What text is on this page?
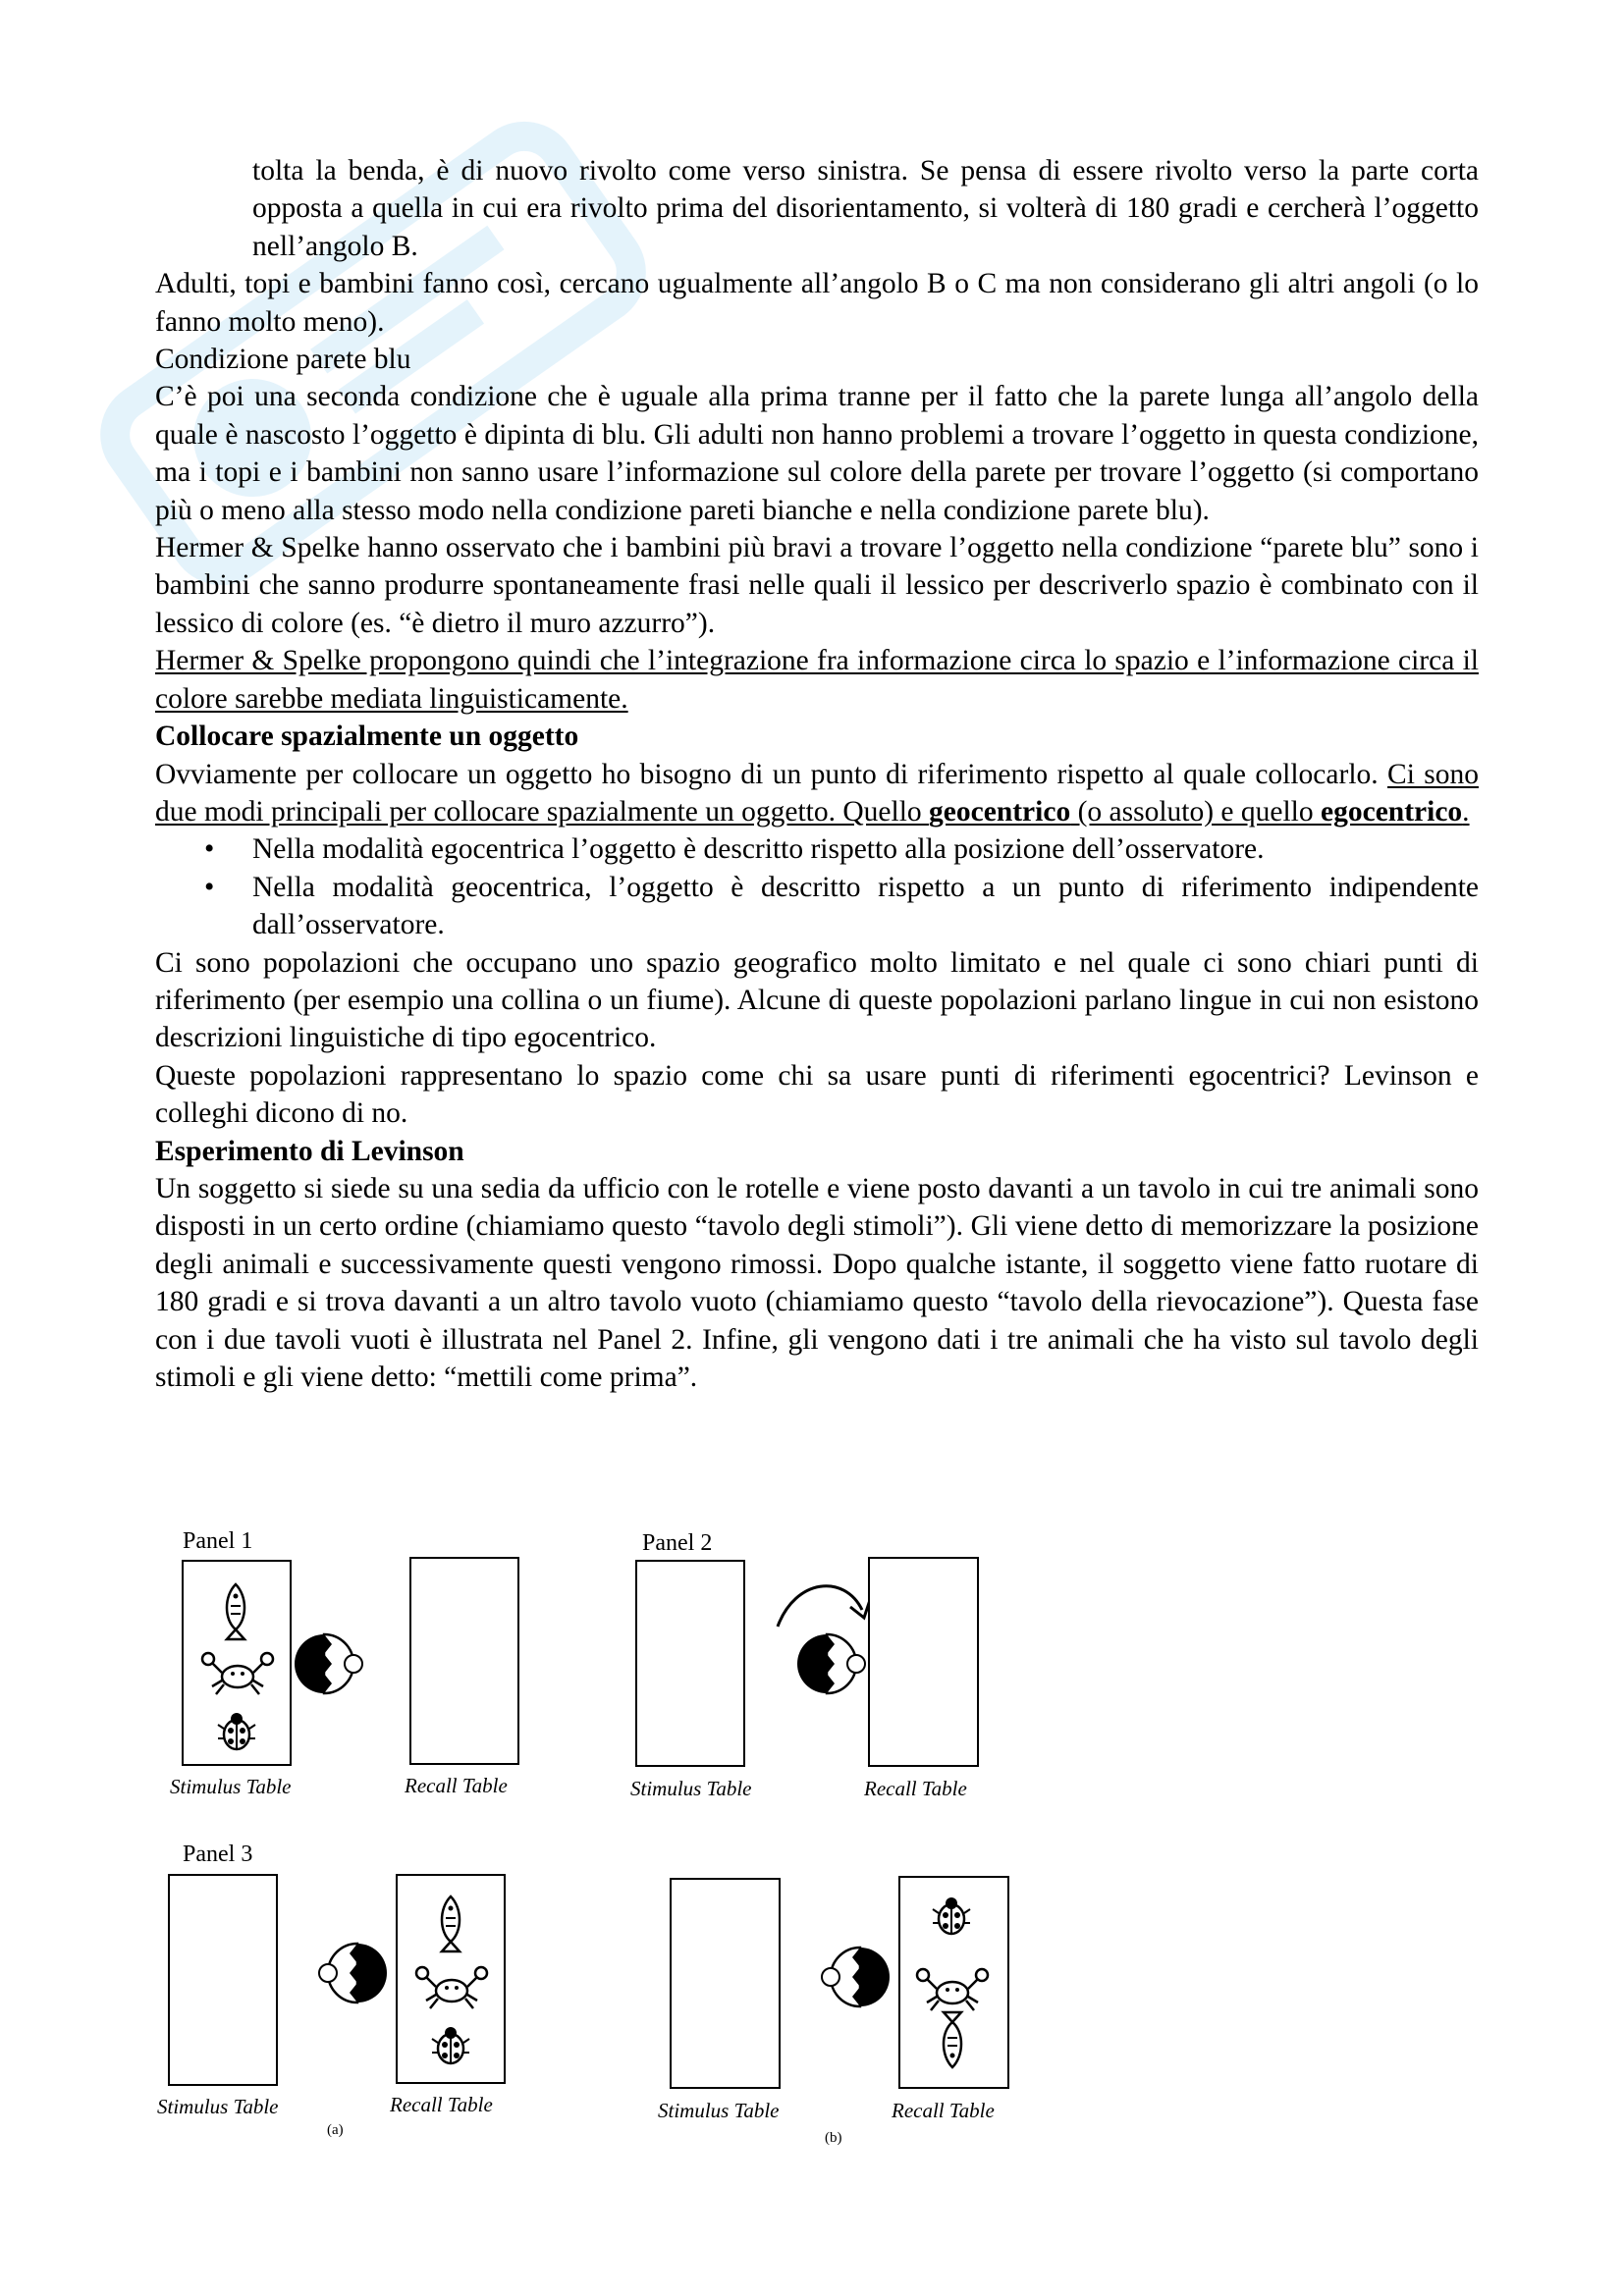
tolta la benda, è di nuovo rivolto come verso sinistra. Se pensa di essere rivolto verso la parte corta opposta a quella in cui era rivolto prima del disorientamento, si volterà di 180 gradi e cercherà l’oggetto nell’angolo B.

Adulti, topi e bambini fanno così, cercano ugualmente all’angolo B o C ma non considerano gli altri angoli (o lo fanno molto meno).

Condizione parete blu

C’è poi una seconda condizione che è uguale alla prima tranne per il fatto che la parete lunga all’angolo della quale è nascosto l’oggetto è dipinta di blu. Gli adulti non hanno problemi a trovare l’oggetto in questa condizione, ma i topi e i bambini non sanno usare l’informazione sul colore della parete per trovare l’oggetto (si comportano più o meno alla stesso modo nella condizione pareti bianche e nella condizione parete blu).

Hermer & Spelke hanno osservato che i bambini più bravi a trovare l’oggetto nella condizione “parete blu” sono i bambini che sanno produrre spontaneamente frasi nelle quali il lessico per descriverlo spazio è combinato con il lessico di colore (es. “è dietro il muro azzurro”).

Hermer & Spelke propongono quindi che l’integrazione fra informazione circa lo spazio e l’informazione circa il colore sarebbe mediata linguisticamente.

Collocare spazialmente un oggetto

Ovviamente per collocare un oggetto ho bisogno di un punto di riferimento rispetto al quale collocarlo. Ci sono due modi principali per collocare spazialmente un oggetto. Quello geocentrico (o assoluto) e quello egocentrico.

• Nella modalità egocentrica l’oggetto è descritto rispetto alla posizione dell’osservatore.
• Nella modalità geocentrica, l’oggetto è descritto rispetto a un punto di riferimento indipendente dall’osservatore.

Ci sono popolazioni che occupano uno spazio geografico molto limitato e nel quale ci sono chiari punti di riferimento (per esempio una collina o un fiume). Alcune di queste popolazioni parlano lingue in cui non esistono descrizioni linguistiche di tipo egocentrico.

Queste popolazioni rappresentano lo spazio come chi sa usare punti di riferimenti egocentrici? Levinson e colleghi dicono di no.

Esperimento di Levinson

Un soggetto si siede su una sedia da ufficio con le rotelle e viene posto davanti a un tavolo in cui tre animali sono disposti in un certo ordine (chiamiamo questo “tavolo degli stimoli”). Gli viene detto di memorizzare la posizione degli animali e successivamente questi vengono rimossi. Dopo qualche istante, il soggetto viene fatto ruotare di 180 gradi e si trova davanti a un altro tavolo vuoto (chiamiamo questo “tavolo della rievocazione”). Questa fase con i due tavoli vuoti è illustrata nel Panel 2. Infine, gli vengono dati i tre animali che ha visto sul tavolo degli stimoli e gli viene detto: “mettili come prima”.

Panel 1	Panel 2
Panel 3
Stimulus Table	Recall Table	Stimulus Table	Recall Table
Stimulus Table	Recall Table	Stimulus Table	Recall Table
(a)	(b)
